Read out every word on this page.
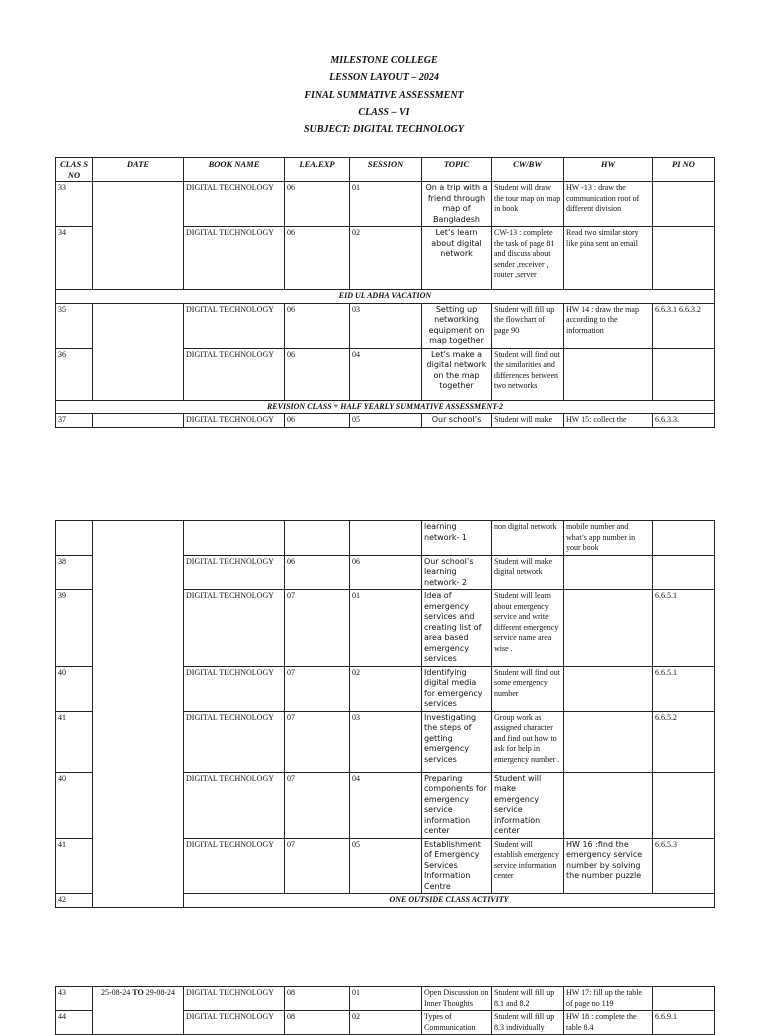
MILESTONE COLLEGE
LESSON LAYOUT – 2024
FINAL SUMMATIVE ASSESSMENT
CLASS – VI
SUBJECT: DIGITAL TECHNOLOGY
CLAS S NO	DATE	BOOK NAME	LEA.EXP	SESSION	TOPIC	CW/BW	HW	PI NO
33		DIGITAL TECHNOLOGY	06	01	On a trip with a friend through map of Bangladesh	Student will draw the tour map on map in book	HW -13 : draw the communication root of different division	
34		DIGITAL TECHNOLOGY	06	02	Let’s learn about digital network	CW-13 : complete the task of page 81 and discuss about sender ,receiver , router ,server	Read two similar story like pina sent an email	
EID UL ADHA VACATION								
35		DIGITAL TECHNOLOGY	06	03	Setting up networking equipment on map together	Student will fill up the flowchart of page 90	HW 14 : draw the map according to the information	6.6.3.1 6.6.3.2
36		DIGITAL TECHNOLOGY	06	04	Let’s make a digital network on the map together	Student will find out the similarities and differences between two networks		
REVISION CLASS + HALF YEARLY SUMMATIVE ASSESSMENT-2								
37		DIGITAL TECHNOLOGY	06	05	Our school’s	Student will make	HW 15: collect the	6.6.3.3.
					learning network- 1	non digital network	mobile number and what’s app number in your book	
38		DIGITAL TECHNOLOGY	06	06	Our school’s learning network- 2	Student will make digital network		
39		DIGITAL TECHNOLOGY	07	01	Idea of emergency services and creating list of area based emergency services	Student will learn about emergency service and write different emergency service name area wise .		6.6.5.1
40		DIGITAL TECHNOLOGY	07	02	Identifying digital media for emergency services	Student will find out some emergency number		6.6.5.1
41		DIGITAL TECHNOLOGY	07	03	Investigating the steps of getting emergency services	Group work as assigned character and find out how to ask for help in emergency number .		6.6.5.2
40		DIGITAL TECHNOLOGY	07	04	Preparing components for emergency service information center	Student will make emergency service information center		
41		DIGITAL TECHNOLOGY	07	05	Establishment of Emergency Services Information Centre	Student will establish emergency service information center	HW 16 :find the emergency service number by solving the number puzzle	6.6.5.3
42		ONE OUTSIDE CLASS ACTIVITY						
43	25-08-24 TO 29-08-24	DIGITAL TECHNOLOGY	08	01	Open Discussion on Inner Thoughts	Student will fill up 8.1 and 8.2	HW 17: fill up the table of page no 119	
44		DIGITAL TECHNOLOGY	08	02	Types of Communication	Student will fill up 8.3 individually	HW 18 : complete the table 8.4	6.6.9.1
